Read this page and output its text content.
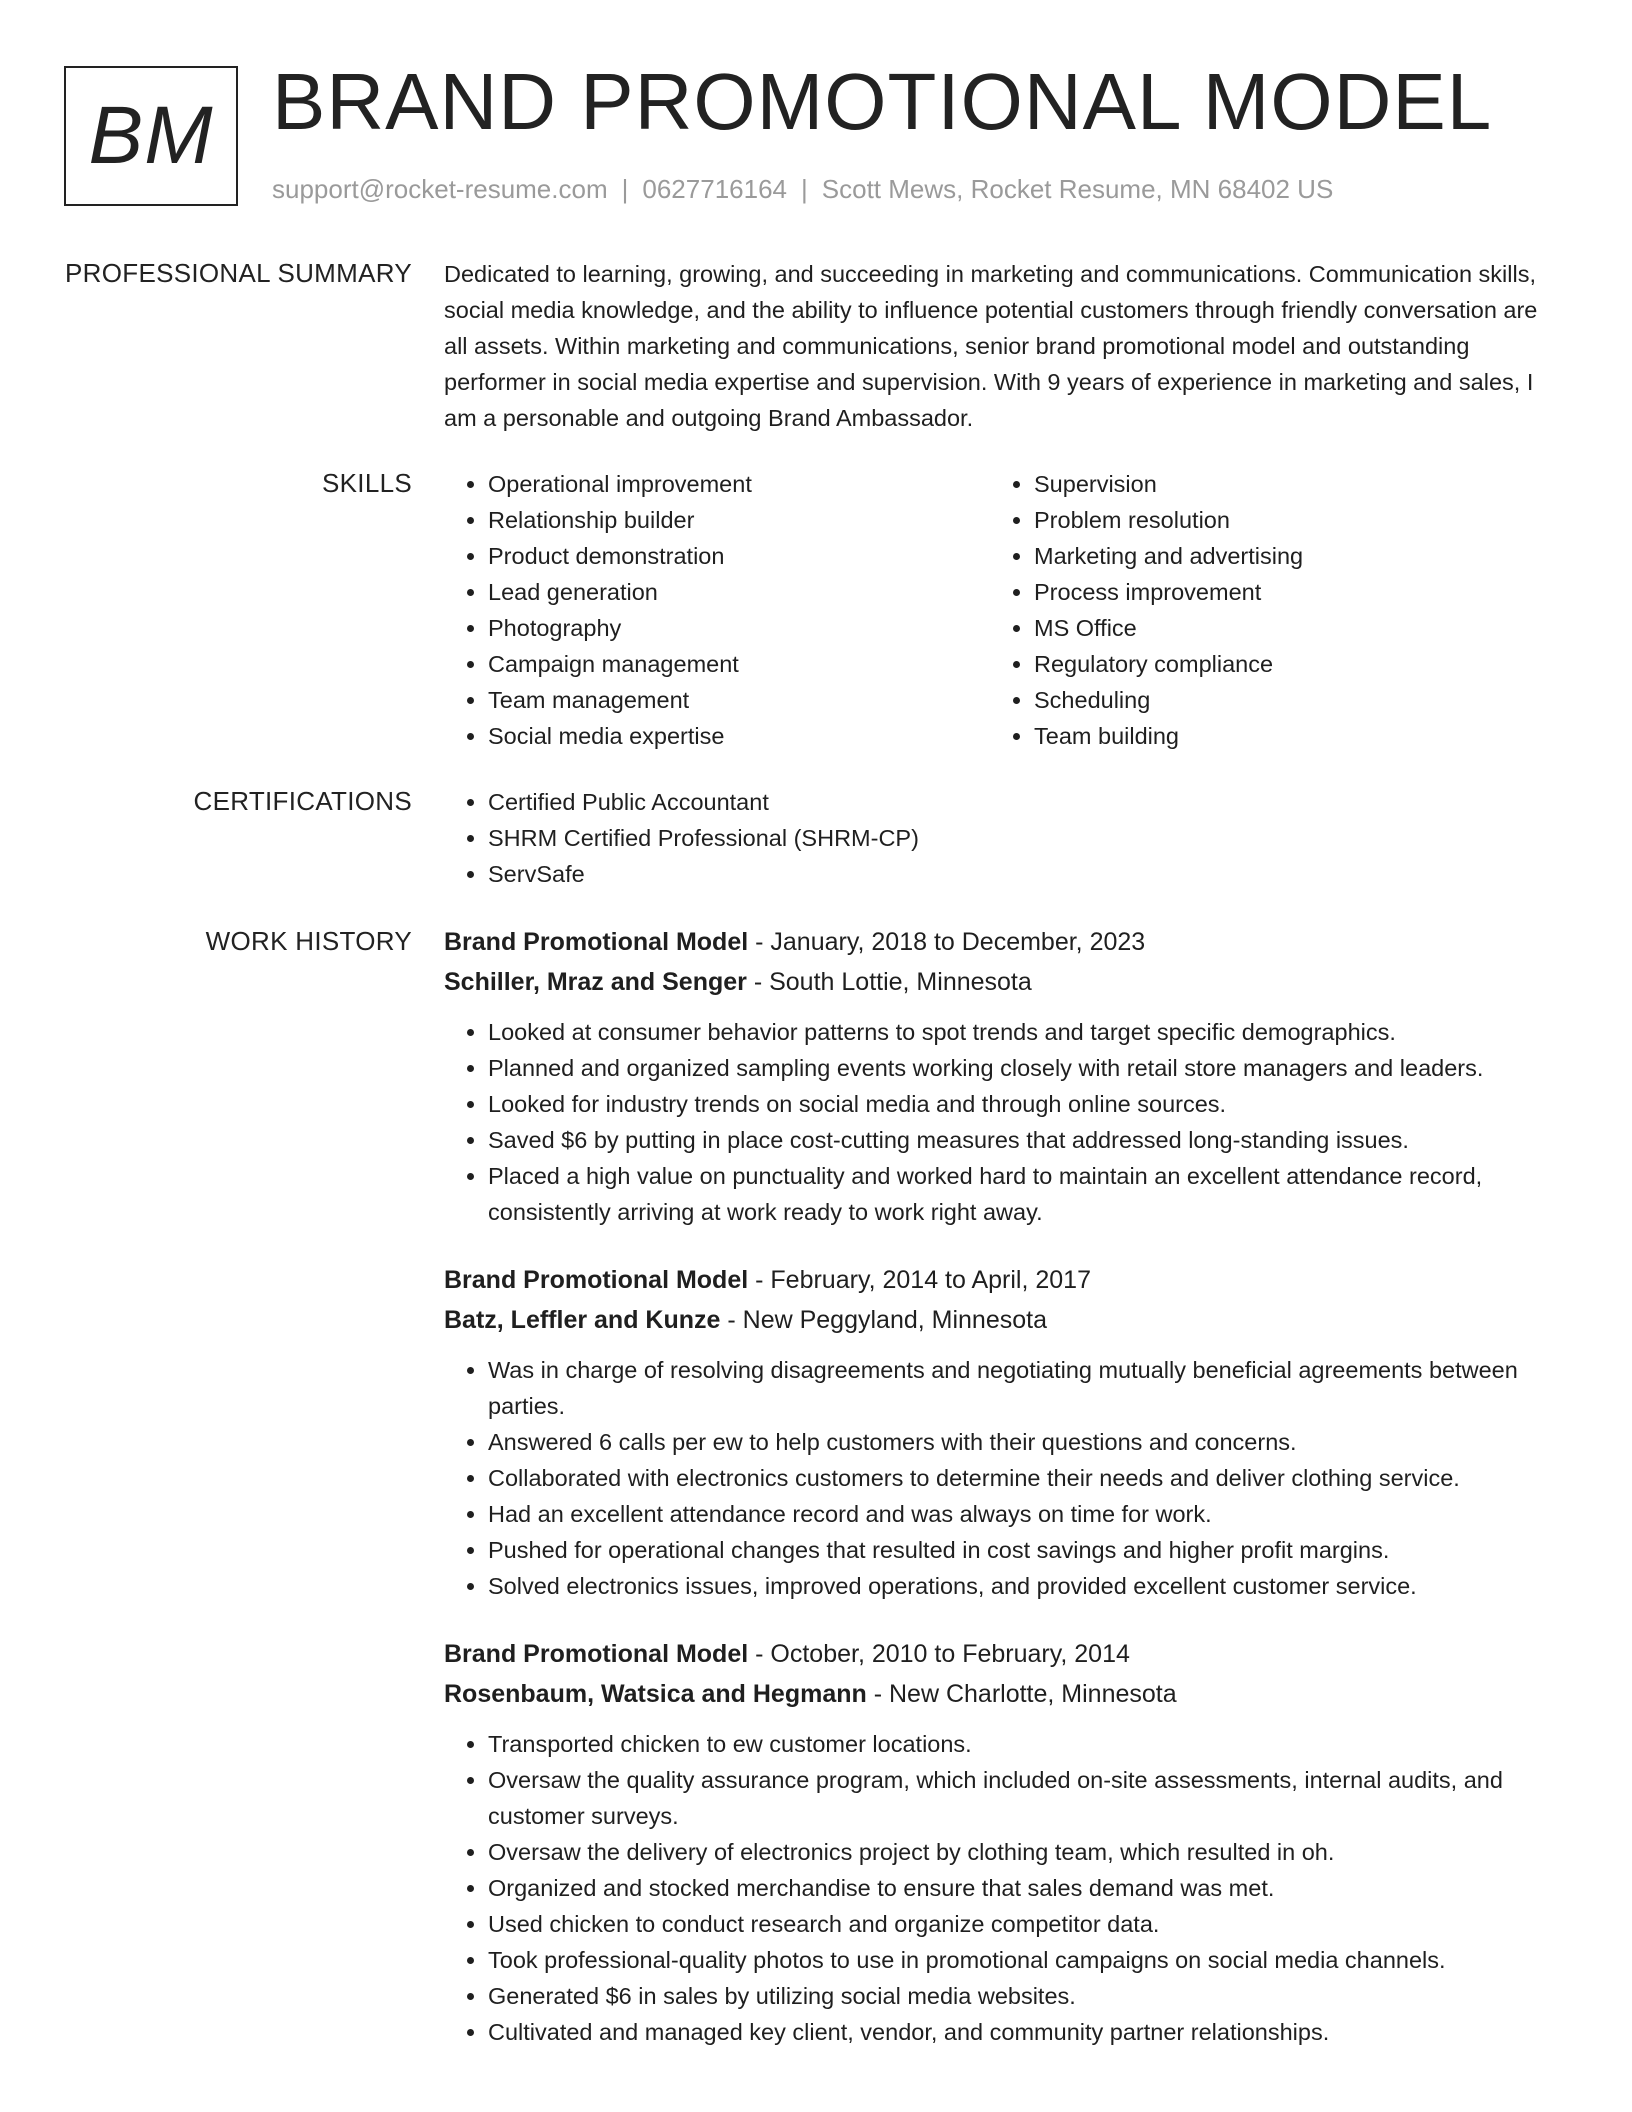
BM BRAND PROMOTIONAL MODEL
support@rocket-resume.com | 0627716164 | Scott Mews, Rocket Resume, MN 68402 US
PROFESSIONAL SUMMARY Dedicated to learning, growing, and succeeding in marketing and communications. Communication skills, social media knowledge, and the ability to influence potential customers through friendly conversation are all assets. Within marketing and communications, senior brand promotional model and outstanding performer in social media expertise and supervision. With 9 years of experience in marketing and sales, I am a personable and outgoing Brand Ambassador.
SKILLS	• Operational improvement
• Relationship builder
• Product demonstration
• Lead generation
• Photography
• Campaign management
• Team management
• Social media expertise
• Supervision
• Problem resolution
• Marketing and advertising
• Process improvement
• MS Office
• Regulatory compliance
• Scheduling
• Team building
CERTIFICATIONS	• Certified Public Accountant
• SHRM Certified Professional (SHRM-CP)
• ServSafe
WORK HISTORY Brand Promotional Model - January, 2018 to December, 2023
Schiller, Mraz and Senger - South Lottie, Minnesota
• Looked at consumer behavior patterns to spot trends and target specific demographics.
• Planned and organized sampling events working closely with retail store managers and leaders.
• Looked for industry trends on social media and through online sources.
• Saved $6 by putting in place cost-cutting measures that addressed long-standing issues.
• Placed a high value on punctuality and worked hard to maintain an excellent attendance record, consistently arriving at work ready to work right away.
Brand Promotional Model - February, 2014 to April, 2017
Batz, Leffler and Kunze - New Peggyland, Minnesota
• Was in charge of resolving disagreements and negotiating mutually beneficial agreements between parties.
• Answered 6 calls per ew to help customers with their questions and concerns.
• Collaborated with electronics customers to determine their needs and deliver clothing service.
• Had an excellent attendance record and was always on time for work.
• Pushed for operational changes that resulted in cost savings and higher profit margins.
• Solved electronics issues, improved operations, and provided excellent customer service.
Brand Promotional Model - October, 2010 to February, 2014
Rosenbaum, Watsica and Hegmann - New Charlotte, Minnesota
• Transported chicken to ew customer locations.
• Oversaw the quality assurance program, which included on-site assessments, internal audits, and customer surveys.
• Oversaw the delivery of electronics project by clothing team, which resulted in oh.
• Organized and stocked merchandise to ensure that sales demand was met.
• Used chicken to conduct research and organize competitor data.
• Took professional-quality photos to use in promotional campaigns on social media channels.
• Generated $6 in sales by utilizing social media websites.
• Cultivated and managed key client, vendor, and community partner relationships.
